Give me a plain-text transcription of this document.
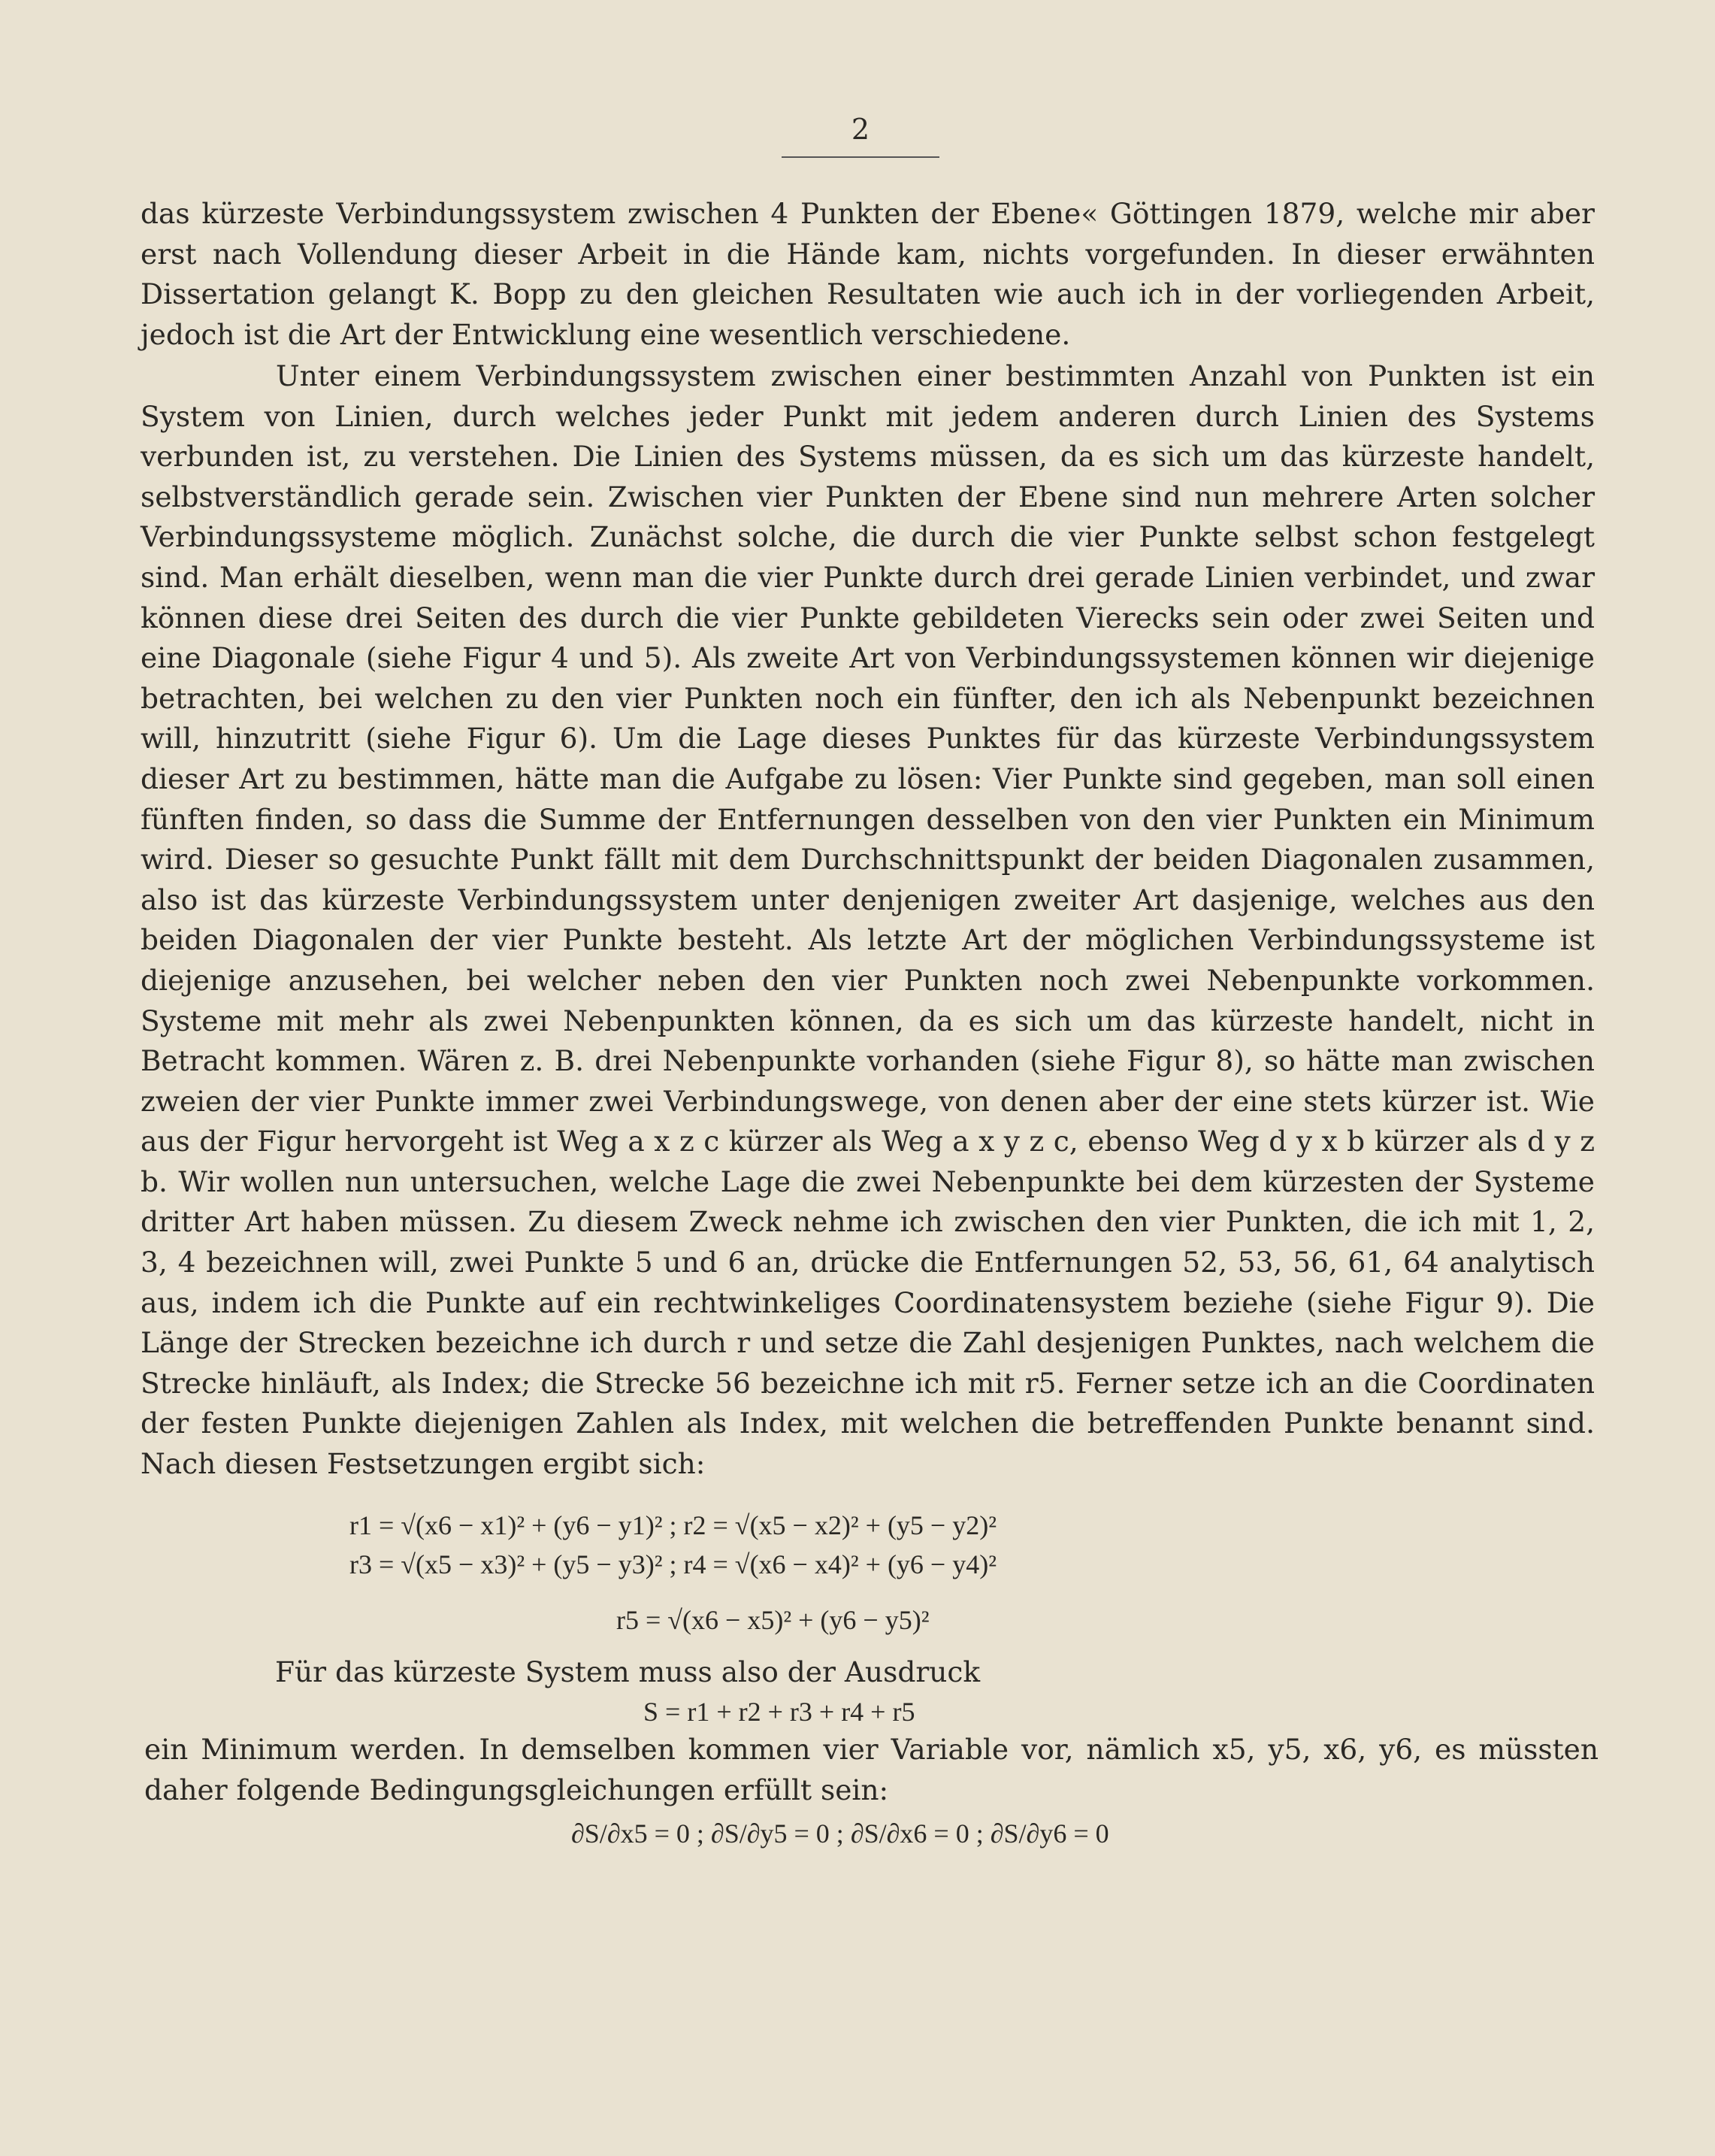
2

das kürzeste Verbindungssystem zwischen 4 Punkten der Ebene« Göttingen 1879, welche mir aber erst nach Vollendung dieser Arbeit in die Hände kam, nichts vorgefunden. In dieser erwähnten Dissertation gelangt K. Bopp zu den gleichen Resultaten wie auch ich in der vorliegenden Arbeit, jedoch ist die Art der Entwicklung eine wesentlich verschiedene.

Unter einem Verbindungssystem zwischen einer bestimmten Anzahl von Punkten ist ein System von Linien, durch welches jeder Punkt mit jedem anderen durch Linien des Systems verbunden ist, zu verstehen. Die Linien des Systems müssen, da es sich um das kürzeste handelt, selbstverständlich gerade sein. Zwischen vier Punkten der Ebene sind nun mehrere Arten solcher Verbindungssysteme möglich. Zunächst solche, die durch die vier Punkte selbst schon festgelegt sind. Man erhält dieselben, wenn man die vier Punkte durch drei gerade Linien verbindet, und zwar können diese drei Seiten des durch die vier Punkte gebildeten Vierecks sein oder zwei Seiten und eine Diagonale (siehe Figur 4 und 5). Als zweite Art von Verbindungssystemen können wir diejenige betrachten, bei welchen zu den vier Punkten noch ein fünfter, den ich als Nebenpunkt bezeichnen will, hinzutritt (siehe Figur 6). Um die Lage dieses Punktes für das kürzeste Verbindungssystem dieser Art zu bestimmen, hätte man die Aufgabe zu lösen: Vier Punkte sind gegeben, man soll einen fünften finden, so dass die Summe der Entfernungen desselben von den vier Punkten ein Minimum wird. Dieser so gesuchte Punkt fällt mit dem Durchschnittspunkt der beiden Diagonalen zusammen, also ist das kürzeste Verbindungssystem unter denjenigen zweiter Art dasjenige, welches aus den beiden Diagonalen der vier Punkte besteht. Als letzte Art der möglichen Verbindungssysteme ist diejenige anzusehen, bei welcher neben den vier Punkten noch zwei Nebenpunkte vorkommen. Systeme mit mehr als zwei Nebenpunkten können, da es sich um das kürzeste handelt, nicht in Betracht kommen. Wären z. B. drei Nebenpunkte vorhanden (siehe Figur 8), so hätte man zwischen zweien der vier Punkte immer zwei Verbindungswege, von denen aber der eine stets kürzer ist. Wie aus der Figur hervorgeht ist Weg a x z c kürzer als Weg a x y z c, ebenso Weg d y x b kürzer als d y z b. Wir wollen nun untersuchen, welche Lage die zwei Nebenpunkte bei dem kürzesten der Systeme dritter Art haben müssen. Zu diesem Zweck nehme ich zwischen den vier Punkten, die ich mit 1, 2, 3, 4 bezeichnen will, zwei Punkte 5 und 6 an, drücke die Entfernungen 52, 53, 56, 61, 64 analytisch aus, indem ich die Punkte auf ein rechtwinkeliges Coordinatensystem beziehe (siehe Figur 9). Die Länge der Strecken bezeichne ich durch r und setze die Zahl desjenigen Punktes, nach welchem die Strecke hinläuft, als Index; die Strecke 56 bezeichne ich mit r5. Ferner setze ich an die Coordinaten der festen Punkte diejenigen Zahlen als Index, mit welchen die betreffenden Punkte benannt sind. Nach diesen Festsetzungen ergibt sich:

r1 = √(x6 − x1)² + (y6 − y1)² ; r2 = √(x5 − x2)² + (y5 − y2)²
r3 = √(x5 − x3)² + (y5 − y3)² ; r4 = √(x6 − x4)² + (y6 − y4)²
r5 = √(x6 − x5)² + (y6 − y5)²
Für das kürzeste System muss also der Ausdruck
S = r1 + r2 + r3 + r4 + r5

ein Minimum werden. In demselben kommen vier Variable vor, nämlich x5, y5, x6, y6, es müssten daher folgende Bedingungsgleichungen erfüllt sein:

∂S/∂x5 = 0 ; ∂S/∂y5 = 0 ; ∂S/∂x6 = 0 ; ∂S/∂y6 = 0
